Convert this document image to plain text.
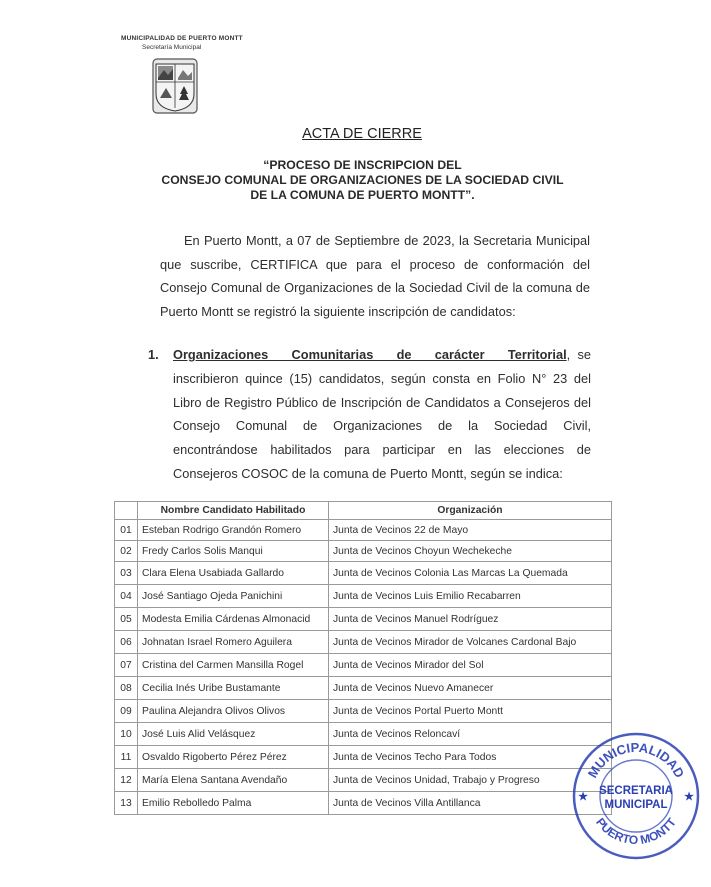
MUNICIPALIDAD DE PUERTO MONTT
Secretaría Municipal
ACTA DE CIERRE
“PROCESO DE INSCRIPCION DEL
CONSEJO COMUNAL DE ORGANIZACIONES DE LA SOCIEDAD CIVIL
DE LA COMUNA DE PUERTO MONTT”.
En Puerto Montt, a 07 de Septiembre de 2023, la Secretaria Municipal que suscribe, CERTIFICA que para el proceso de conformación del Consejo Comunal de Organizaciones de la Sociedad Civil de la comuna de Puerto Montt se registró la siguiente inscripción de candidatos:
1. Organizaciones Comunitarias de carácter Territorial, se inscribieron quince (15) candidatos, según consta en Folio N° 23 del Libro de Registro Público de Inscripción de Candidatos a Consejeros del Consejo Comunal de Organizaciones de la Sociedad Civil, encontrándose habilitados para participar en las elecciones de Consejeros COSOC de la comuna de Puerto Montt, según se indica:
	Nombre Candidato Habilitado	Organización
01	Esteban Rodrigo Grandón Romero	Junta de Vecinos 22 de Mayo
02	Fredy Carlos Solis Manqui	Junta de Vecinos Choyun Wechekeche
03	Clara Elena Usabiada Gallardo	Junta de Vecinos Colonia Las Marcas La Quemada
04	José Santiago Ojeda Panichini	Junta de Vecinos Luis Emilio Recabarren
05	Modesta Emilia Cárdenas Almonacid	Junta de Vecinos Manuel Rodríguez
06	Johnatan Israel Romero Aguilera	Junta de Vecinos Mirador de Volcanes Cardonal Bajo
07	Cristina del Carmen Mansilla Rogel	Junta de Vecinos Mirador del Sol
08	Cecilia Inés Uribe Bustamante	Junta de Vecinos Nuevo Amanecer
09	Paulina Alejandra Olivos Olivos	Junta de Vecinos Portal Puerto Montt
10	José Luis Alid Velásquez	Junta de Vecinos Reloncaví
11	Osvaldo Rigoberto Pérez Pérez	Junta de Vecinos Techo Para Todos
12	María Elena Santana Avendaño	Junta de Vecinos Unidad, Trabajo y Progreso
13	Emilio Rebolledo Palma	Junta de Vecinos Villa Antillanca
MUNICIPALIDAD
PUERTO MONTT
SECRETARIA
MUNICIPAL
★	★
